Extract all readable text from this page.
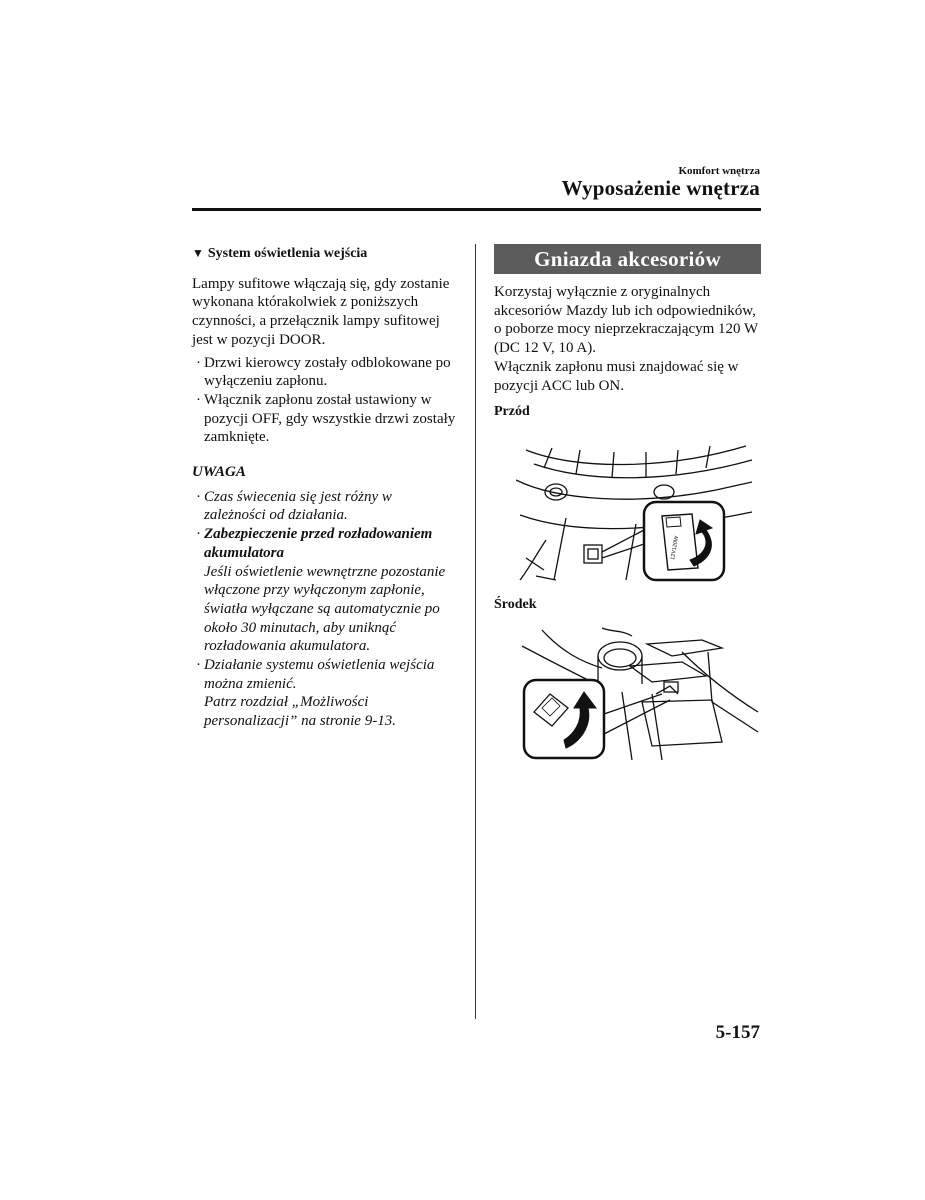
Komfort wnętrza
Wyposażenie wnętrza
▼ System oświetlenia wejścia

Lampy sufitowe włączają się, gdy zostanie wykonana którakolwiek z poniższych czynności, a przełącznik lampy sufitowej jest w pozycji DOOR.

· Drzwi kierowcy zostały odblokowane po wyłączeniu zapłonu.
· Włącznik zapłonu został ustawiony w pozycji OFF, gdy wszystkie drzwi zostały zamknięte.
UWAGA
· Czas świecenia się jest różny w zależności od działania.
· Zabezpieczenie przed rozładowaniem akumulatora
Jeśli oświetlenie wewnętrzne pozostanie włączone przy wyłączonym zapłonie, światła wyłączane są automatycznie po około 30 minutach, aby uniknąć rozładowania akumulatora.
· Działanie systemu oświetlenia wejścia można zmienić.
Patrz rozdział „Możliwości personalizacji” na stronie 9-13.
Gniazda akcesoriów

Korzystaj wyłącznie z oryginalnych akcesoriów Mazdy lub ich odpowiedników, o poborze mocy nieprzekraczającym 120 W (DC 12 V, 10 A).

Włącznik zapłonu musi znajdować się w pozycji ACC lub ON.

Przód
12V120W
Środek
5-157
